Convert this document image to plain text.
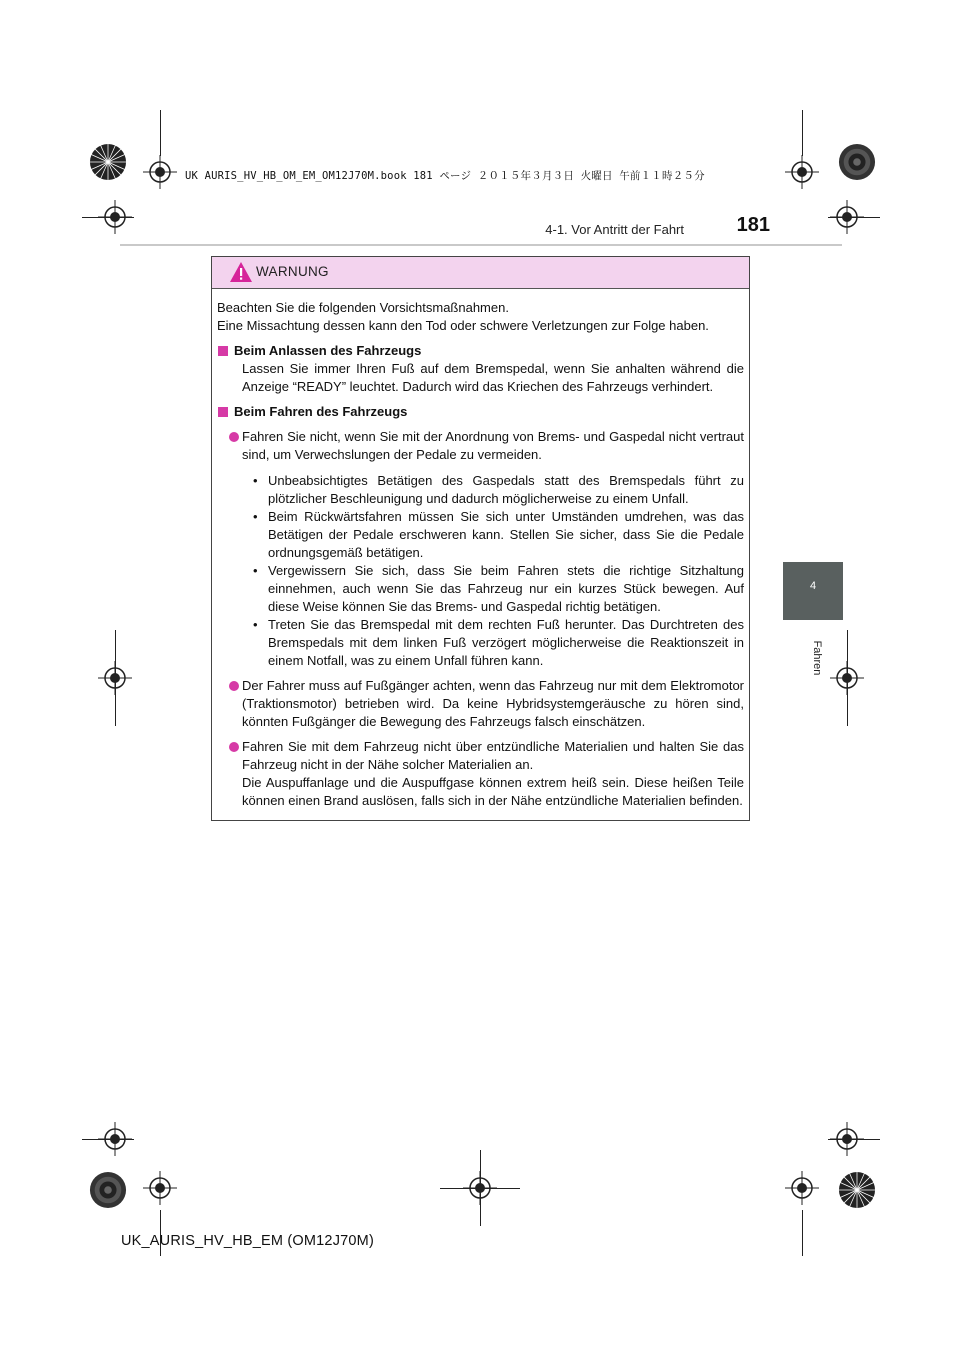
UK AURIS_HV_HB_OM_EM_OM12J70M.book 181 ページ ２０１５年３月３日 火曜日 午前１１時２５分
4-1. Vor Antritt der Fahrt	181
4
Fahren
WARNUNG

Beachten Sie die folgenden Vorsichtsmaßnahmen.

Eine Missachtung dessen kann den Tod oder schwere Verletzungen zur Folge haben.

Beim Anlassen des Fahrzeugs

Lassen Sie immer Ihren Fuß auf dem Bremspedal, wenn Sie anhalten während die Anzeige “READY” leuchtet. Dadurch wird das Kriechen des Fahrzeugs verhindert.

Beim Fahren des Fahrzeugs
Fahren Sie nicht, wenn Sie mit der Anordnung von Brems- und Gaspedal nicht vertraut sind, um Verwechslungen der Pedale zu vermeiden.
• Unbeabsichtigtes Betätigen des Gaspedals statt des Bremspedals führt zu plötzlicher Beschleunigung und dadurch möglicherweise zu einem Unfall.
• Beim Rückwärtsfahren müssen Sie sich unter Umständen umdrehen, was das Betätigen der Pedale erschweren kann. Stellen Sie sicher, dass Sie die Pedale ordnungsgemäß betätigen.
• Vergewissern Sie sich, dass Sie beim Fahren stets die richtige Sitzhaltung einnehmen, auch wenn Sie das Fahrzeug nur ein kurzes Stück bewegen. Auf diese Weise können Sie das Brems- und Gaspedal richtig betätigen.
• Treten Sie das Bremspedal mit dem rechten Fuß herunter. Das Durchtreten des Bremspedals mit dem linken Fuß verzögert möglicherweise die Reaktionszeit in einem Notfall, was zu einem Unfall führen kann.
Der Fahrer muss auf Fußgänger achten, wenn das Fahrzeug nur mit dem Elektromotor (Traktionsmotor) betrieben wird. Da keine Hybridsystemgeräusche zu hören sind, könnten Fußgänger die Bewegung des Fahrzeugs falsch einschätzen.
Fahren Sie mit dem Fahrzeug nicht über entzündliche Materialien und halten Sie das Fahrzeug nicht in der Nähe solcher Materialien an.
Die Auspuffanlage und die Auspuffgase können extrem heiß sein. Diese heißen Teile können einen Brand auslösen, falls sich in der Nähe entzündliche Materialien befinden.
UK_AURIS_HV_HB_EM (OM12J70M)
